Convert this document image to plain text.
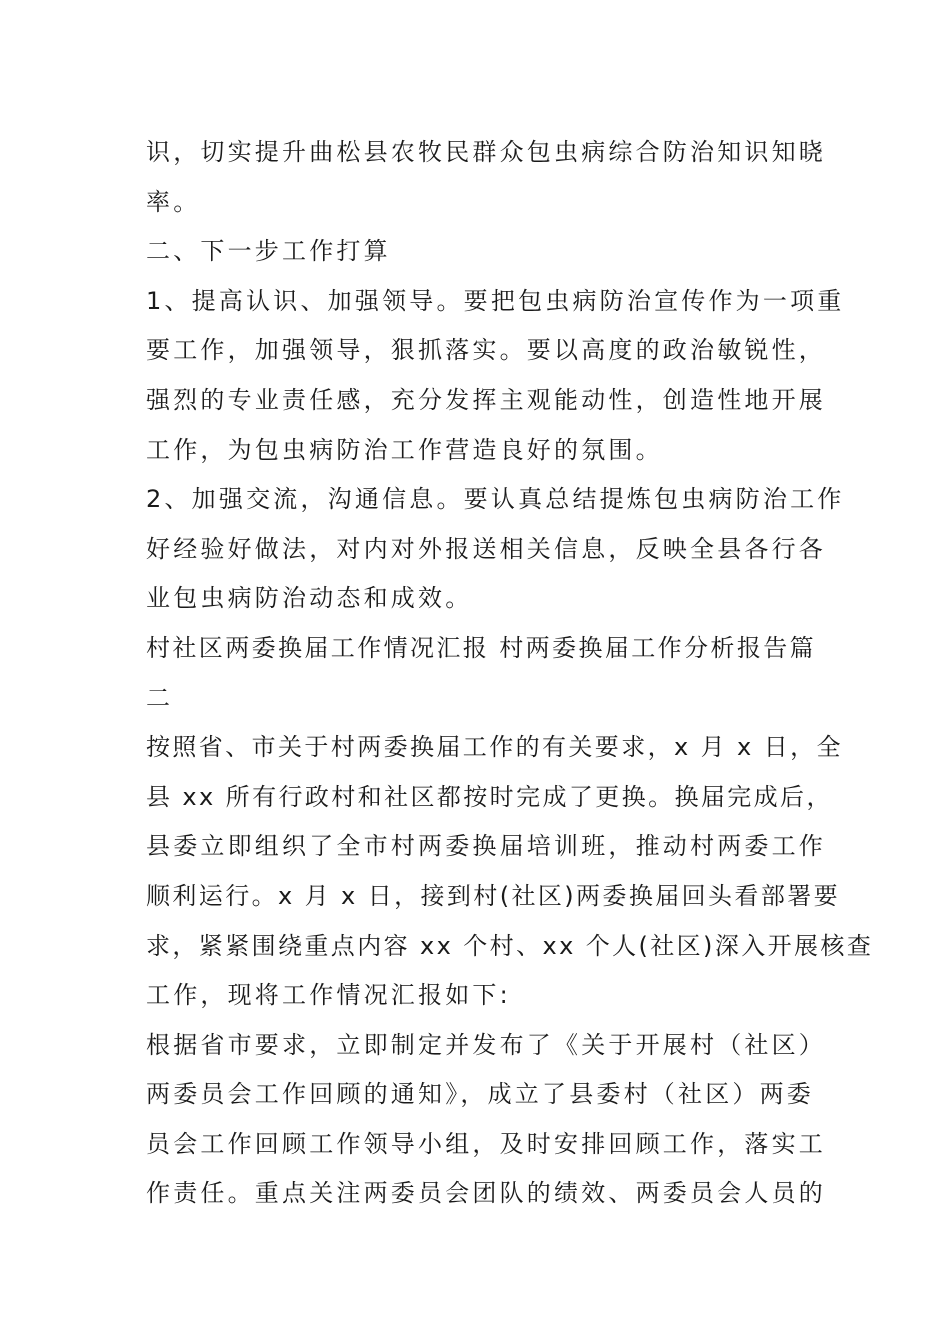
识，切实提升曲松县农牧民群众包虫病综合防治知识知晓
率。
二、下一步工作打算
1、提高认识、加强领导。要把包虫病防治宣传作为一项重
要工作，加强领导，狠抓落实。要以高度的政治敏锐性，
强烈的专业责任感，充分发挥主观能动性，创造性地开展
工作，为包虫病防治工作营造良好的氛围。
2、加强交流，沟通信息。要认真总结提炼包虫病防治工作
好经验好做法，对内对外报送相关信息，反映全县各行各
业包虫病防治动态和成效。
村社区两委换届工作情况汇报 村两委换届工作分析报告篇
二
按照省、市关于村两委换届工作的有关要求，x 月 x 日，全
县 xx 所有行政村和社区都按时完成了更换。换届完成后，
县委立即组织了全市村两委换届培训班，推动村两委工作
顺利运行。x 月 x 日，接到村(社区)两委换届回头看部署要
求，紧紧围绕重点内容 xx 个村、xx 个人(社区)深入开展核查
工作，现将工作情况汇报如下:
根据省市要求，立即制定并发布了《关于开展村（社区）
两委员会工作回顾的通知》，成立了县委村（社区）两委
员会工作回顾工作领导小组，及时安排回顾工作，落实工
作责任。重点关注两委员会团队的绩效、两委员会人员的
